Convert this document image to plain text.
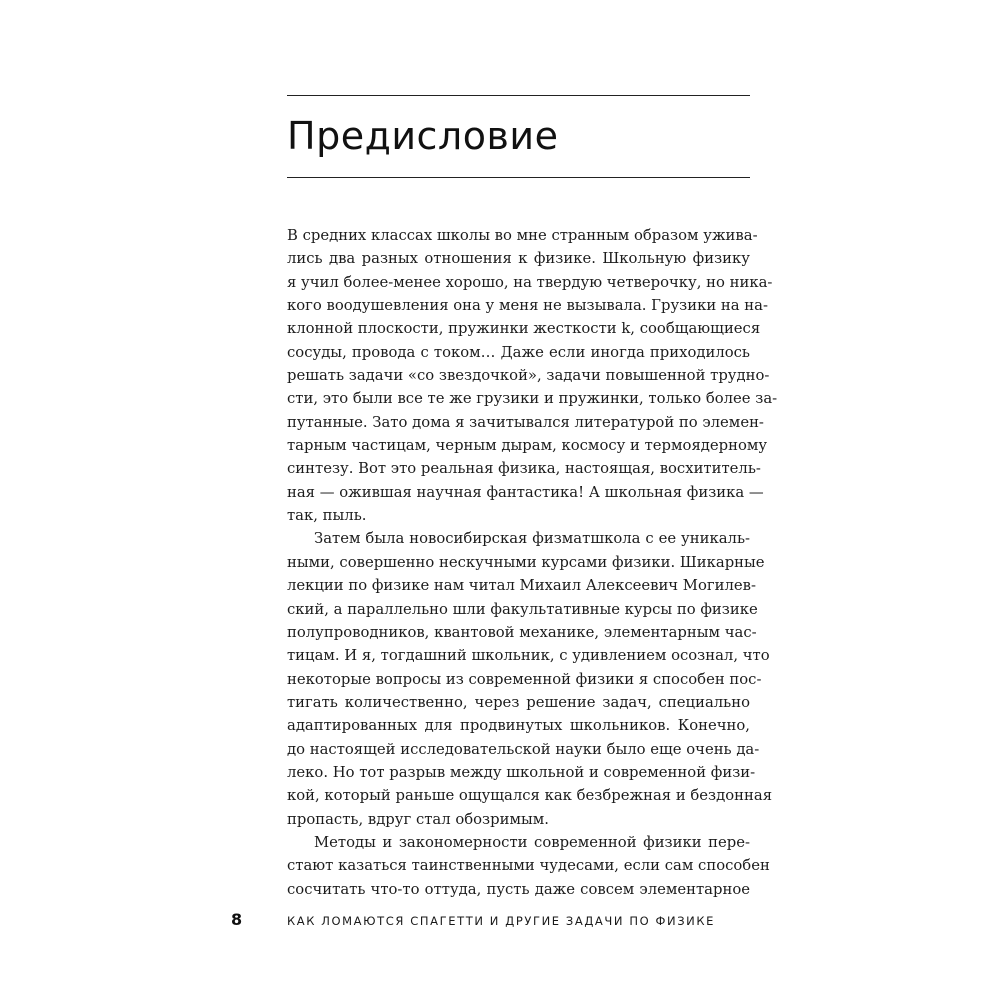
Предисловие
В средних классах школы во мне странным образом ужива-
лись два разных отношения к физике. Школьную физику
я учил более-менее хорошо, на твердую четверочку, но ника-
кого воодушевления она у меня не вызывала. Грузики на на-
клонной плоскости, пружинки жесткости k, сообщающиеся
сосуды, провода с током… Даже если иногда приходилось
решать задачи «со звездочкой», задачи повышенной трудно-
сти, это были все те же грузики и пружинки, только более за-
путанные. Зато дома я зачитывался литературой по элемен-
тарным частицам, черным дырам, космосу и термоядерному
синтезу. Вот это реальная физика, настоящая, восхититель-
ная — ожившая научная фантастика! А школьная физика —
так, пыль.
Затем была новосибирская физматшкола с ее уникаль-
ными, совершенно нескучными курсами физики. Шикарные
лекции по физике нам читал Михаил Алексеевич Могилев-
ский, а параллельно шли факультативные курсы по физике
полупроводников, квантовой механике, элементарным час-
тицам. И я, тогдашний школьник, с удивлением осознал, что
некоторые вопросы из современной физики я способен пос-
тигать количественно, через решение задач, специально
адаптированных для продвинутых школьников. Конечно,
до настоящей исследовательской науки было еще очень да-
леко. Но тот разрыв между школьной и современной физи-
кой, который раньше ощущался как безбрежная и бездонная
пропасть, вдруг стал обозримым.
Методы и закономерности современной физики пере-
стают казаться таинственными чудесами, если сам способен
сосчитать что-то оттуда, пусть даже совсем элементарное
8	КАК ЛОМАЮТСЯ СПАГЕТТИ И ДРУГИЕ ЗАДАЧИ ПО ФИЗИКЕ
